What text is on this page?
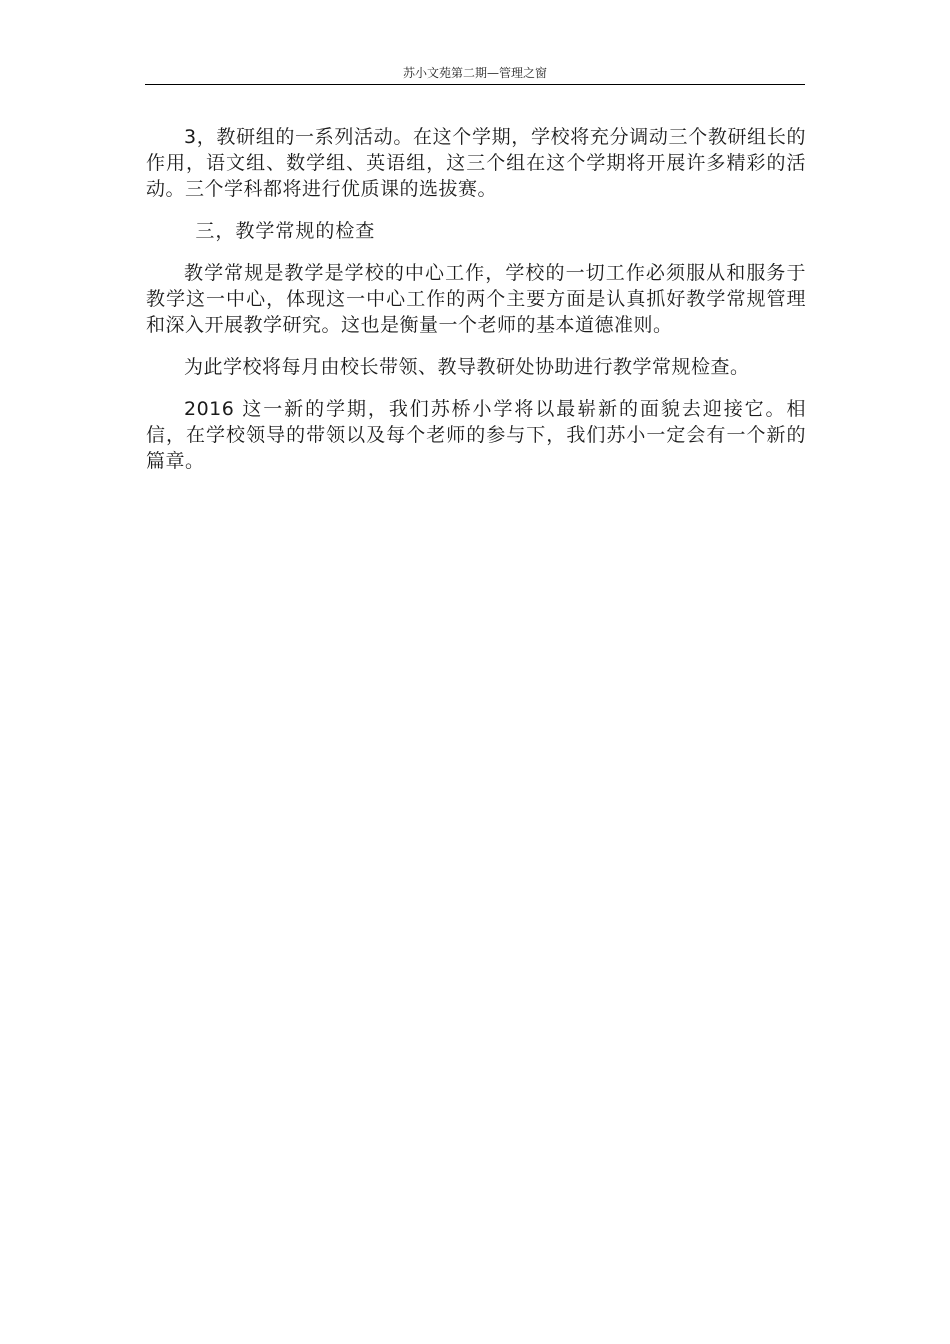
苏小文苑第二期—管理之窗

3，教研组的一系列活动。在这个学期，学校将充分调动三个教研组长的作用，语文组、数学组、英语组，这三个组在这个学期将开展许多精彩的活动。三个学科都将进行优质课的选拔赛。

三，教学常规的检查

教学常规是教学是学校的中心工作，学校的一切工作必须服从和服务于教学这一中心，体现这一中心工作的两个主要方面是认真抓好教学常规管理和深入开展教学研究。这也是衡量一个老师的基本道德准则。

为此学校将每月由校长带领、教导教研处协助进行教学常规检查。

2016 这一新的学期，我们苏桥小学将以最崭新的面貌去迎接它。相信，在学校领导的带领以及每个老师的参与下，我们苏小一定会有一个新的篇章。
